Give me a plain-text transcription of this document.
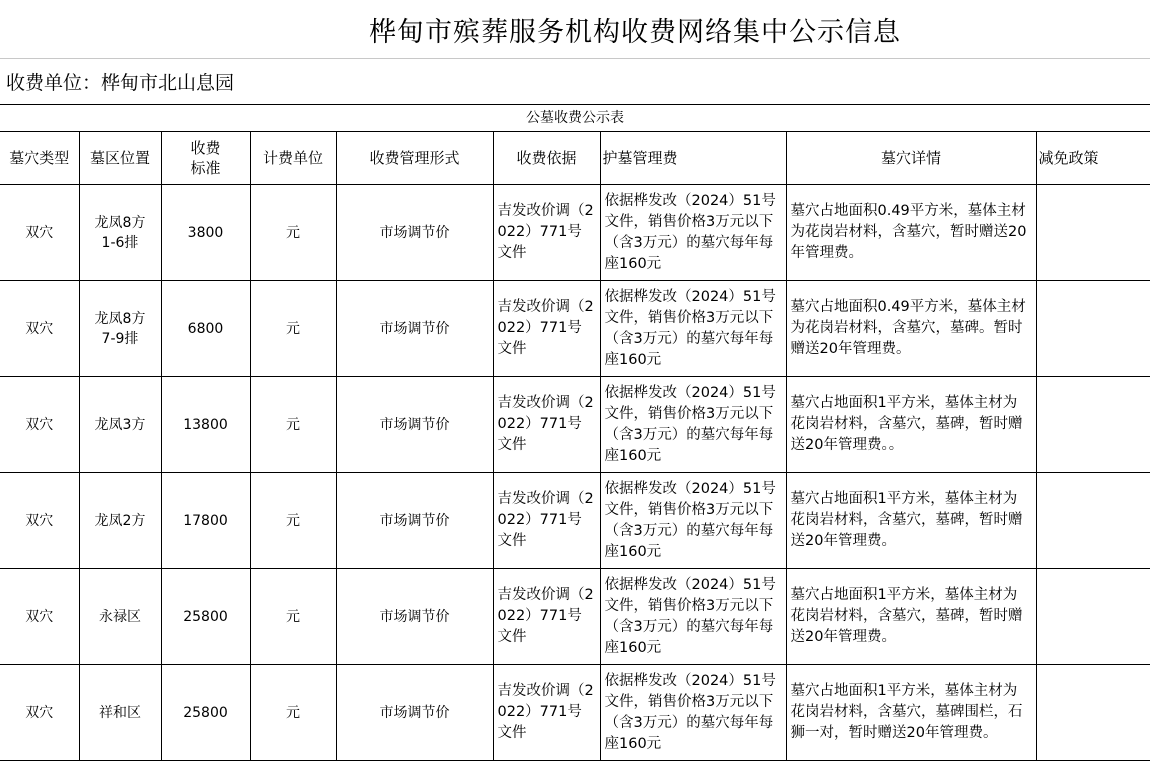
桦甸市殡葬服务机构收费网络集中公示信息
收费单位：桦甸市北山息园
公墓收费公示表								
墓穴类型	墓区位置	收费标准	计费单位	收费管理形式	收费依据	护墓管理费	墓穴详情	减免政策
双穴	龙凤8方1-6排	3800	元	市场调节价	吉发改价调（2022）771号文件	依据桦发改（2024）51号文件，销售价格3万元以下（含3万元）的墓穴每年每座160元	墓穴占地面积0.49平方米，墓体主材为花岗岩材料，含墓穴，暂时赠送20年管理费。	
双穴	龙凤8方7-9排	6800	元	市场调节价	吉发改价调（2022）771号文件	依据桦发改（2024）51号文件，销售价格3万元以下（含3万元）的墓穴每年每座160元	墓穴占地面积0.49平方米，墓体主材为花岗岩材料，含墓穴，墓碑。暂时赠送20年管理费。	
双穴	龙凤3方	13800	元	市场调节价	吉发改价调（2022）771号文件	依据桦发改（2024）51号文件，销售价格3万元以下（含3万元）的墓穴每年每座160元	墓穴占地面积1平方米，墓体主材为花岗岩材料，含墓穴，墓碑，暂时赠送20年管理费。。	
双穴	龙凤2方	17800	元	市场调节价	吉发改价调（2022）771号文件	依据桦发改（2024）51号文件，销售价格3万元以下（含3万元）的墓穴每年每座160元	墓穴占地面积1平方米，墓体主材为花岗岩材料，含墓穴，墓碑，暂时赠送20年管理费。	
双穴	永禄区	25800	元	市场调节价	吉发改价调（2022）771号文件	依据桦发改（2024）51号文件，销售价格3万元以下（含3万元）的墓穴每年每座160元	墓穴占地面积1平方米，墓体主材为花岗岩材料，含墓穴，墓碑，暂时赠送20年管理费。	
双穴	祥和区	25800	元	市场调节价	吉发改价调（2022）771号文件	依据桦发改（2024）51号文件，销售价格3万元以下（含3万元）的墓穴每年每座160元	墓穴占地面积1平方米，墓体主材为花岗岩材料，含墓穴，墓碑围栏，石狮一对，暂时赠送20年管理费。	
